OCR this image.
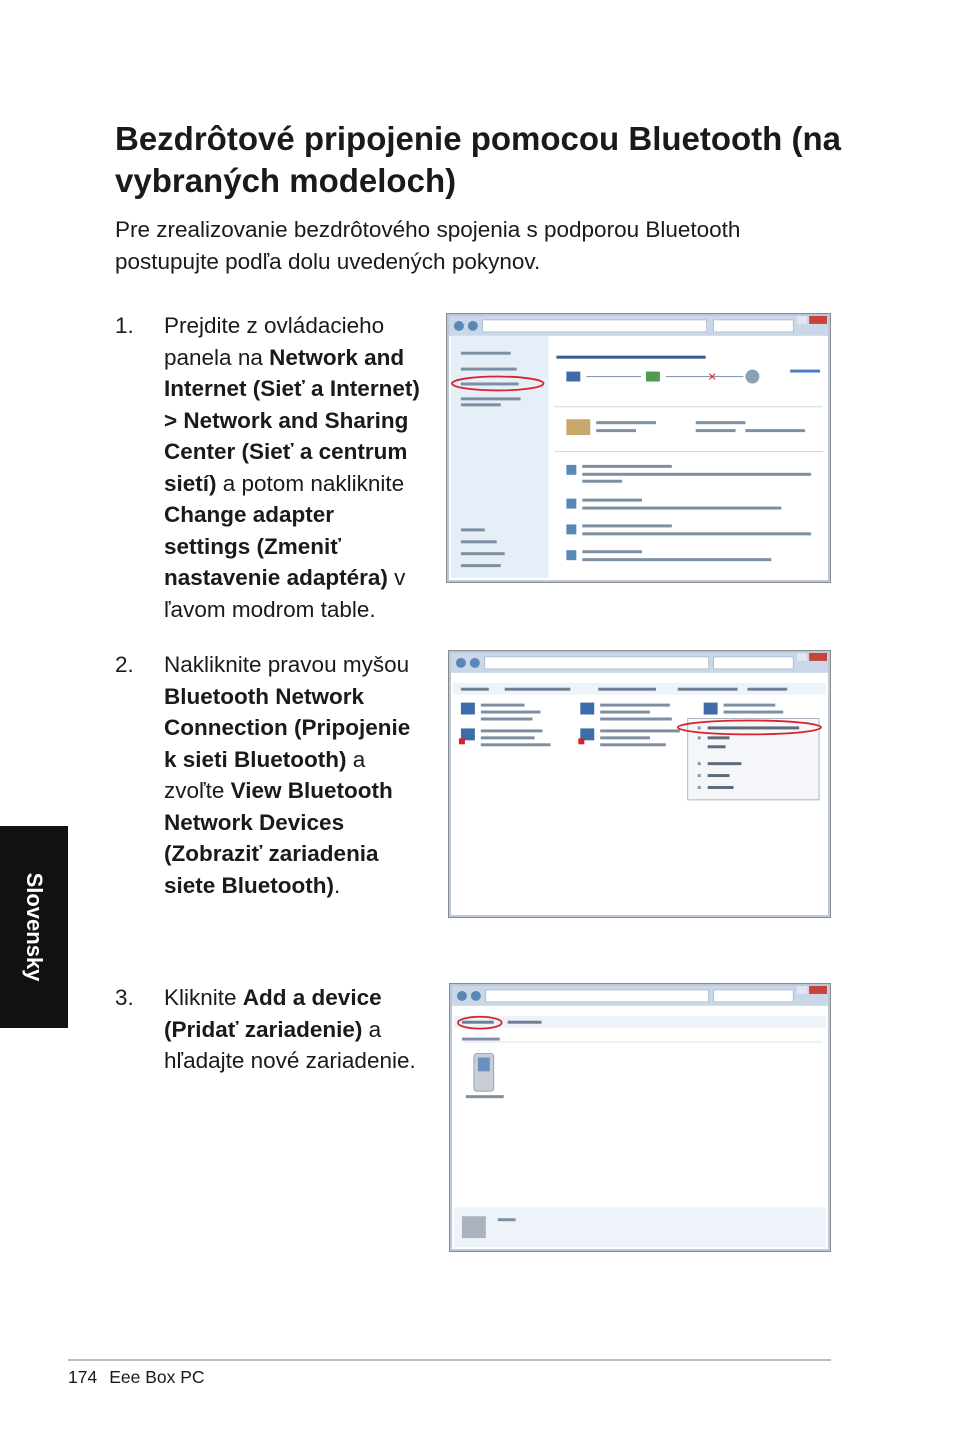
Bezdrôtové pripojenie pomocou Bluetooth (na vybraných modeloch)

Pre zrealizovanie bezdrôtového spojenia s podporou Bluetooth postupujte podľa dolu uvedených pokynov.

1. Prejdite z ovládacieho panela na Network and Internet (Sieť a Internet) > Network and Sharing Center (Sieť a centrum sietí) a potom nakliknite Change adapter settings (Zmeniť nastavenie adaptéra) v ľavom modrom table.
2. Nakliknite pravou myšou Bluetooth Network Connection (Pripojenie k sieti Bluetooth) a zvoľte View Bluetooth Network Devices (Zobraziť zariadenia siete Bluetooth).
3. Kliknite Add a device (Pridať zariadenie) a hľadajte nové zariadenie.
✕
Slovensky
174 Eee Box PC
